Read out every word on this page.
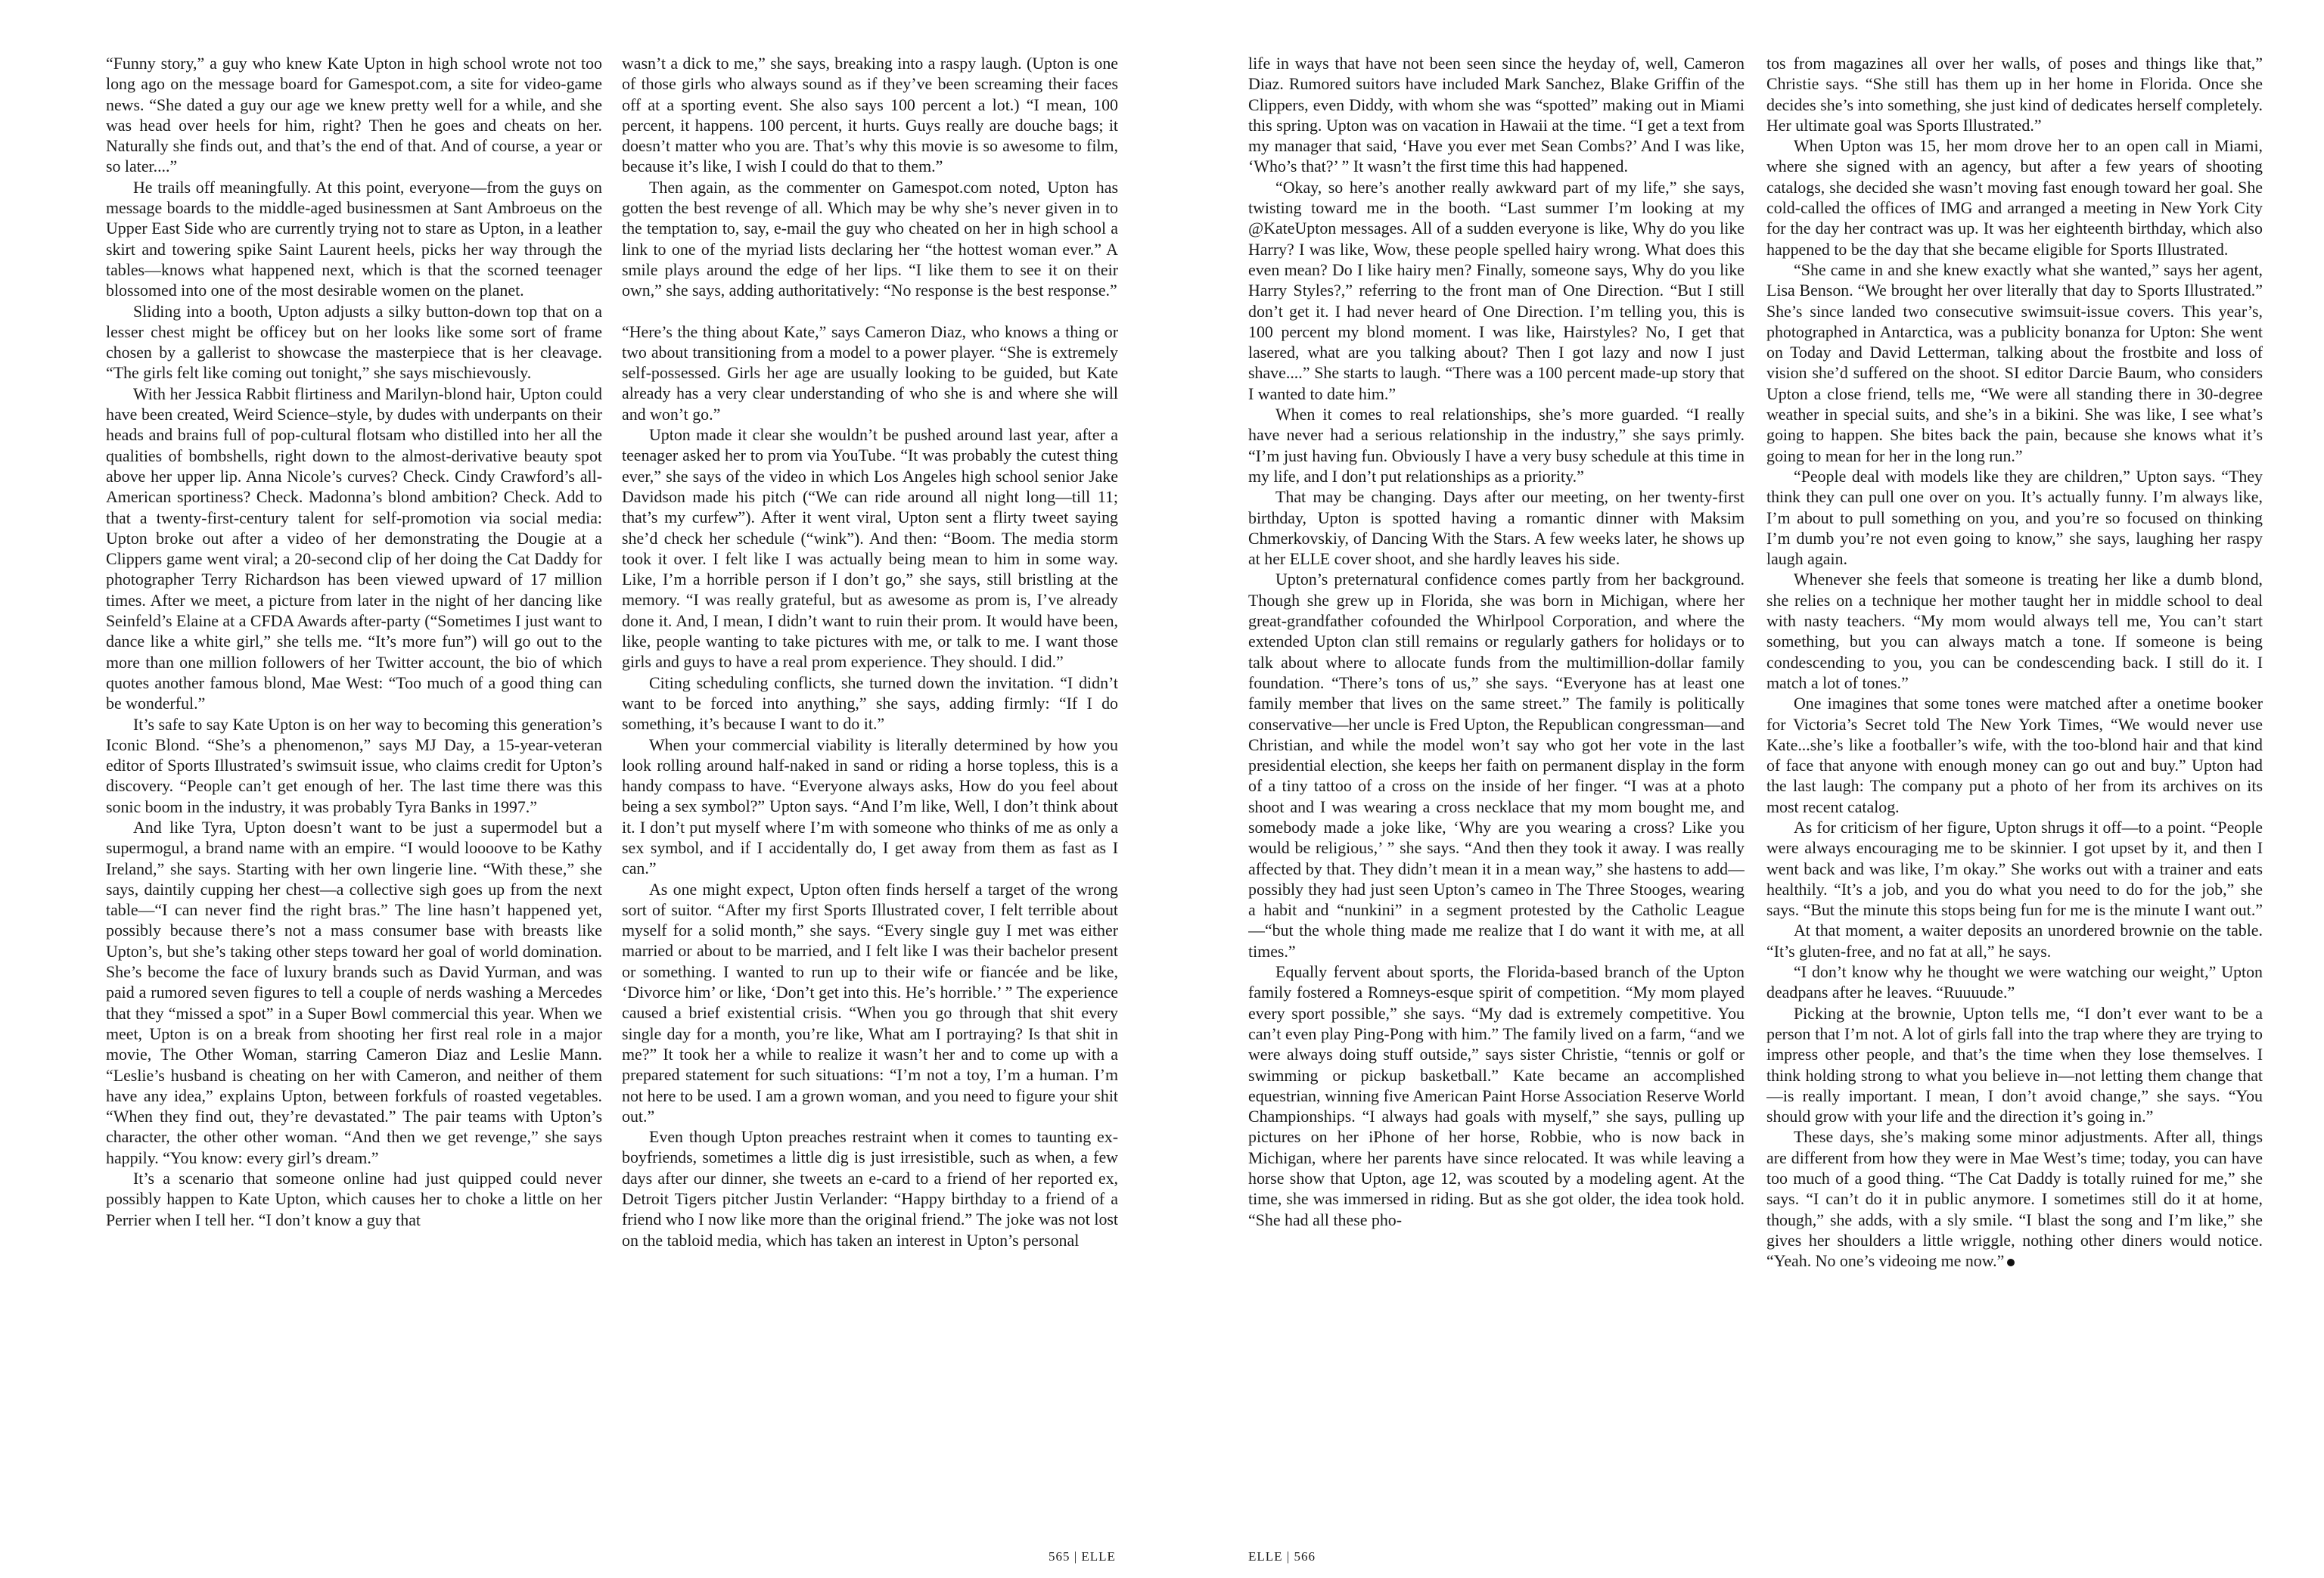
“Funny story,” a guy who knew Kate Upton in high school wrote not too long ago on the message board for Gamespot.com, a site for video-game news. “She dated a guy our age we knew pretty well for a while, and she was head over heels for him, right? Then he goes and cheats on her. Naturally she finds out, and that’s the end of that. And of course, a year or so later....”

He trails off meaningfully. At this point, everyone—from the guys on message boards to the middle-aged businessmen at Sant Ambroeus on the Upper East Side who are currently trying not to stare as Upton, in a leather skirt and towering spike Saint Laurent heels, picks her way through the tables—knows what happened next, which is that the scorned teenager blossomed into one of the most desirable women on the planet.

Sliding into a booth, Upton adjusts a silky button-down top that on a lesser chest might be officey but on her looks like some sort of frame chosen by a gallerist to showcase the masterpiece that is her cleavage. “The girls felt like coming out tonight,” she says mischievously.

With her Jessica Rabbit flirtiness and Marilyn-blond hair, Upton could have been created, Weird Science–style, by dudes with underpants on their heads and brains full of pop-cultural flotsam who distilled into her all the qualities of bombshells, right down to the almost-derivative beauty spot above her upper lip. Anna Nicole’s curves? Check. Cindy Crawford’s all-American sportiness? Check. Madonna’s blond ambition? Check. Add to that a twenty-first-century talent for self-promotion via social media: Upton broke out after a video of her demonstrating the Dougie at a Clippers game went viral; a 20-second clip of her doing the Cat Daddy for photographer Terry Richardson has been viewed upward of 17 million times. After we meet, a picture from later in the night of her dancing like Seinfeld’s Elaine at a CFDA Awards after-party (“Sometimes I just want to dance like a white girl,” she tells me. “It’s more fun”) will go out to the more than one million followers of her Twitter account, the bio of which quotes another famous blond, Mae West: “Too much of a good thing can be wonderful.”

It’s safe to say Kate Upton is on her way to becoming this generation’s Iconic Blond. “She’s a phenomenon,” says MJ Day, a 15-year-veteran editor of Sports Illustrated’s swimsuit issue, who claims credit for Upton’s discovery. “People can’t get enough of her. The last time there was this sonic boom in the industry, it was probably Tyra Banks in 1997.”

And like Tyra, Upton doesn’t want to be just a supermodel but a supermogul, a brand name with an empire. “I would loooove to be Kathy Ireland,” she says. Starting with her own lingerie line. “With these,” she says, daintily cupping her chest—a collective sigh goes up from the next table—“I can never find the right bras.” The line hasn’t happened yet, possibly because there’s not a mass consumer base with breasts like Upton’s, but she’s taking other steps toward her goal of world domination. She’s become the face of luxury brands such as David Yurman, and was paid a rumored seven figures to tell a couple of nerds washing a Mercedes that they “missed a spot” in a Super Bowl commercial this year. When we meet, Upton is on a break from shooting her first real role in a major movie, The Other Woman, starring Cameron Diaz and Leslie Mann. “Leslie’s husband is cheating on her with Cameron, and neither of them have any idea,” explains Upton, between forkfuls of roasted vegetables. “When they find out, they’re devastated.” The pair teams with Upton’s character, the other other woman. “And then we get revenge,” she says happily. “You know: every girl’s dream.”

It’s a scenario that someone online had just quipped could never possibly happen to Kate Upton, which causes her to choke a little on her Perrier when I tell her. “I don’t know a guy that

wasn’t a dick to me,” she says, breaking into a raspy laugh. (Upton is one of those girls who always sound as if they’ve been screaming their faces off at a sporting event. She also says 100 percent a lot.) “I mean, 100 percent, it happens. 100 percent, it hurts. Guys really are douche bags; it doesn’t matter who you are. That’s why this movie is so awesome to film, because it’s like, I wish I could do that to them.”

Then again, as the commenter on Gamespot.com noted, Upton has gotten the best revenge of all. Which may be why she’s never given in to the temptation to, say, e-mail the guy who cheated on her in high school a link to one of the myriad lists declaring her “the hottest woman ever.” A smile plays around the edge of her lips. “I like them to see it on their own,” she says, adding authoritatively: “No response is the best response.”

“Here’s the thing about Kate,” says Cameron Diaz, who knows a thing or two about transitioning from a model to a power player. “She is extremely self-possessed. Girls her age are usually looking to be guided, but Kate already has a very clear understanding of who she is and where she will and won’t go.”

Upton made it clear she wouldn’t be pushed around last year, after a teenager asked her to prom via YouTube. “It was probably the cutest thing ever,” she says of the video in which Los Angeles high school senior Jake Davidson made his pitch (“We can ride around all night long—till 11; that’s my curfew”). After it went viral, Upton sent a flirty tweet saying she’d check her schedule (“wink”). And then: “Boom. The media storm took it over. I felt like I was actually being mean to him in some way. Like, I’m a horrible person if I don’t go,” she says, still bristling at the memory. “I was really grateful, but as awesome as prom is, I’ve already done it. And, I mean, I didn’t want to ruin their prom. It would have been, like, people wanting to take pictures with me, or talk to me. I want those girls and guys to have a real prom experience. They should. I did.”

Citing scheduling conflicts, she turned down the invitation. “I didn’t want to be forced into anything,” she says, adding firmly: “If I do something, it’s because I want to do it.”

When your commercial viability is literally determined by how you look rolling around half-naked in sand or riding a horse topless, this is a handy compass to have. “Everyone always asks, How do you feel about being a sex symbol?” Upton says. “And I’m like, Well, I don’t think about it. I don’t put myself where I’m with someone who thinks of me as only a sex symbol, and if I accidentally do, I get away from them as fast as I can.”

As one might expect, Upton often finds herself a target of the wrong sort of suitor. “After my first Sports Illustrated cover, I felt terrible about myself for a solid month,” she says. “Every single guy I met was either married or about to be married, and I felt like I was their bachelor present or something. I wanted to run up to their wife or fiancée and be like, ‘Divorce him’ or like, ‘Don’t get into this. He’s horrible.’ ” The experience caused a brief existential crisis. “When you go through that shit every single day for a month, you’re like, What am I portraying? Is that shit in me?” It took her a while to realize it wasn’t her and to come up with a prepared statement for such situations: “I’m not a toy, I’m a human. I’m not here to be used. I am a grown woman, and you need to figure your shit out.”

Even though Upton preaches restraint when it comes to taunting ex-boyfriends, sometimes a little dig is just irresistible, such as when, a few days after our dinner, she tweets an e-card to a friend of her reported ex, Detroit Tigers pitcher Justin Verlander: “Happy birthday to a friend of a friend who I now like more than the original friend.” The joke was not lost on the tabloid media, which has taken an interest in Upton’s personal

life in ways that have not been seen since the heyday of, well, Cameron Diaz. Rumored suitors have included Mark Sanchez, Blake Griffin of the Clippers, even Diddy, with whom she was “spotted” making out in Miami this spring. Upton was on vacation in Hawaii at the time. “I get a text from my manager that said, ‘Have you ever met Sean Combs?’ And I was like, ‘Who’s that?’ ” It wasn’t the first time this had happened.

“Okay, so here’s another really awkward part of my life,” she says, twisting toward me in the booth. “Last summer I’m looking at my @KateUpton messages. All of a sudden everyone is like, Why do you like Harry? I was like, Wow, these people spelled hairy wrong. What does this even mean? Do I like hairy men? Finally, someone says, Why do you like Harry Styles?,” referring to the front man of One Direction. “But I still don’t get it. I had never heard of One Direction. I’m telling you, this is 100 percent my blond moment. I was like, Hairstyles? No, I get that lasered, what are you talking about? Then I got lazy and now I just shave....” She starts to laugh. “There was a 100 percent made-up story that I wanted to date him.”

When it comes to real relationships, she’s more guarded. “I really have never had a serious relationship in the industry,” she says primly. “I’m just having fun. Obviously I have a very busy schedule at this time in my life, and I don’t put relationships as a priority.”

That may be changing. Days after our meeting, on her twenty-first birthday, Upton is spotted having a romantic dinner with Maksim Chmerkovskiy, of Dancing With the Stars. A few weeks later, he shows up at her ELLE cover shoot, and she hardly leaves his side.

Upton’s preternatural confidence comes partly from her background. Though she grew up in Florida, she was born in Michigan, where her great-grandfather cofounded the Whirlpool Corporation, and where the extended Upton clan still remains or regularly gathers for holidays or to talk about where to allocate funds from the multimillion-dollar family foundation. “There’s tons of us,” she says. “Everyone has at least one family member that lives on the same street.” The family is politically conservative—her uncle is Fred Upton, the Republican congressman—and Christian, and while the model won’t say who got her vote in the last presidential election, she keeps her faith on permanent display in the form of a tiny tattoo of a cross on the inside of her finger. “I was at a photo shoot and I was wearing a cross necklace that my mom bought me, and somebody made a joke like, ‘Why are you wearing a cross? Like you would be religious,’ ” she says. “And then they took it away. I was really affected by that. They didn’t mean it in a mean way,” she hastens to add—possibly they had just seen Upton’s cameo in The Three Stooges, wearing a habit and “nunkini” in a segment protested by the Catholic League—“but the whole thing made me realize that I do want it with me, at all times.”

Equally fervent about sports, the Florida-based branch of the Upton family fostered a Romneys-esque spirit of competition. “My mom played every sport possible,” she says. “My dad is extremely competitive. You can’t even play Ping-Pong with him.” The family lived on a farm, “and we were always doing stuff outside,” says sister Christie, “tennis or golf or swimming or pickup basketball.” Kate became an accomplished equestrian, winning five American Paint Horse Association Reserve World Championships. “I always had goals with myself,” she says, pulling up pictures on her iPhone of her horse, Robbie, who is now back in Michigan, where her parents have since relocated. It was while leaving a horse show that Upton, age 12, was scouted by a modeling agent. At the time, she was immersed in riding. But as she got older, the idea took hold. “She had all these pho-

tos from magazines all over her walls, of poses and things like that,” Christie says. “She still has them up in her home in Florida. Once she decides she’s into something, she just kind of dedicates herself completely. Her ultimate goal was Sports Illustrated.”

When Upton was 15, her mom drove her to an open call in Miami, where she signed with an agency, but after a few years of shooting catalogs, she decided she wasn’t moving fast enough toward her goal. She cold-called the offices of IMG and arranged a meeting in New York City for the day her contract was up. It was her eighteenth birthday, which also happened to be the day that she became eligible for Sports Illustrated.

“She came in and she knew exactly what she wanted,” says her agent, Lisa Benson. “We brought her over literally that day to Sports Illustrated.” She’s since landed two consecutive swimsuit-issue covers. This year’s, photographed in Antarctica, was a publicity bonanza for Upton: She went on Today and David Letterman, talking about the frostbite and loss of vision she’d suffered on the shoot. SI editor Darcie Baum, who considers Upton a close friend, tells me, “We were all standing there in 30-degree weather in special suits, and she’s in a bikini. She was like, I see what’s going to happen. She bites back the pain, because she knows what it’s going to mean for her in the long run.”

“People deal with models like they are children,” Upton says. “They think they can pull one over on you. It’s actually funny. I’m always like, I’m about to pull something on you, and you’re so focused on thinking I’m dumb you’re not even going to know,” she says, laughing her raspy laugh again.

Whenever she feels that someone is treating her like a dumb blond, she relies on a technique her mother taught her in middle school to deal with nasty teachers. “My mom would always tell me, You can’t start something, but you can always match a tone. If someone is being condescending to you, you can be condescending back. I still do it. I match a lot of tones.”

One imagines that some tones were matched after a onetime booker for Victoria’s Secret told The New York Times, “We would never use Kate...she’s like a footballer’s wife, with the too-blond hair and that kind of face that anyone with enough money can go out and buy.” Upton had the last laugh: The company put a photo of her from its archives on its most recent catalog.

As for criticism of her figure, Upton shrugs it off—to a point. “People were always encouraging me to be skinnier. I got upset by it, and then I went back and was like, I’m okay.” She works out with a trainer and eats healthily. “It’s a job, and you do what you need to do for the job,” she says. “But the minute this stops being fun for me is the minute I want out.”

At that moment, a waiter deposits an unordered brownie on the table. “It’s gluten-free, and no fat at all,” he says.

“I don’t know why he thought we were watching our weight,” Upton deadpans after he leaves. “Ruuuude.”

Picking at the brownie, Upton tells me, “I don’t ever want to be a person that I’m not. A lot of girls fall into the trap where they are trying to impress other people, and that’s the time when they lose themselves. I think holding strong to what you believe in—not letting them change that—is really important. I mean, I don’t avoid change,” she says. “You should grow with your life and the direction it’s going in.”

These days, she’s making some minor adjustments. After all, things are different from how they were in Mae West’s time; today, you can have too much of a good thing. “The Cat Daddy is totally ruined for me,” she says. “I can’t do it in public anymore. I sometimes still do it at home, though,” she adds, with a sly smile. “I blast the song and I’m like,” she gives her shoulders a little wriggle, nothing other diners would notice. “Yeah. No one’s videoing me now.”

565 | ELLE	ELLE | 566
